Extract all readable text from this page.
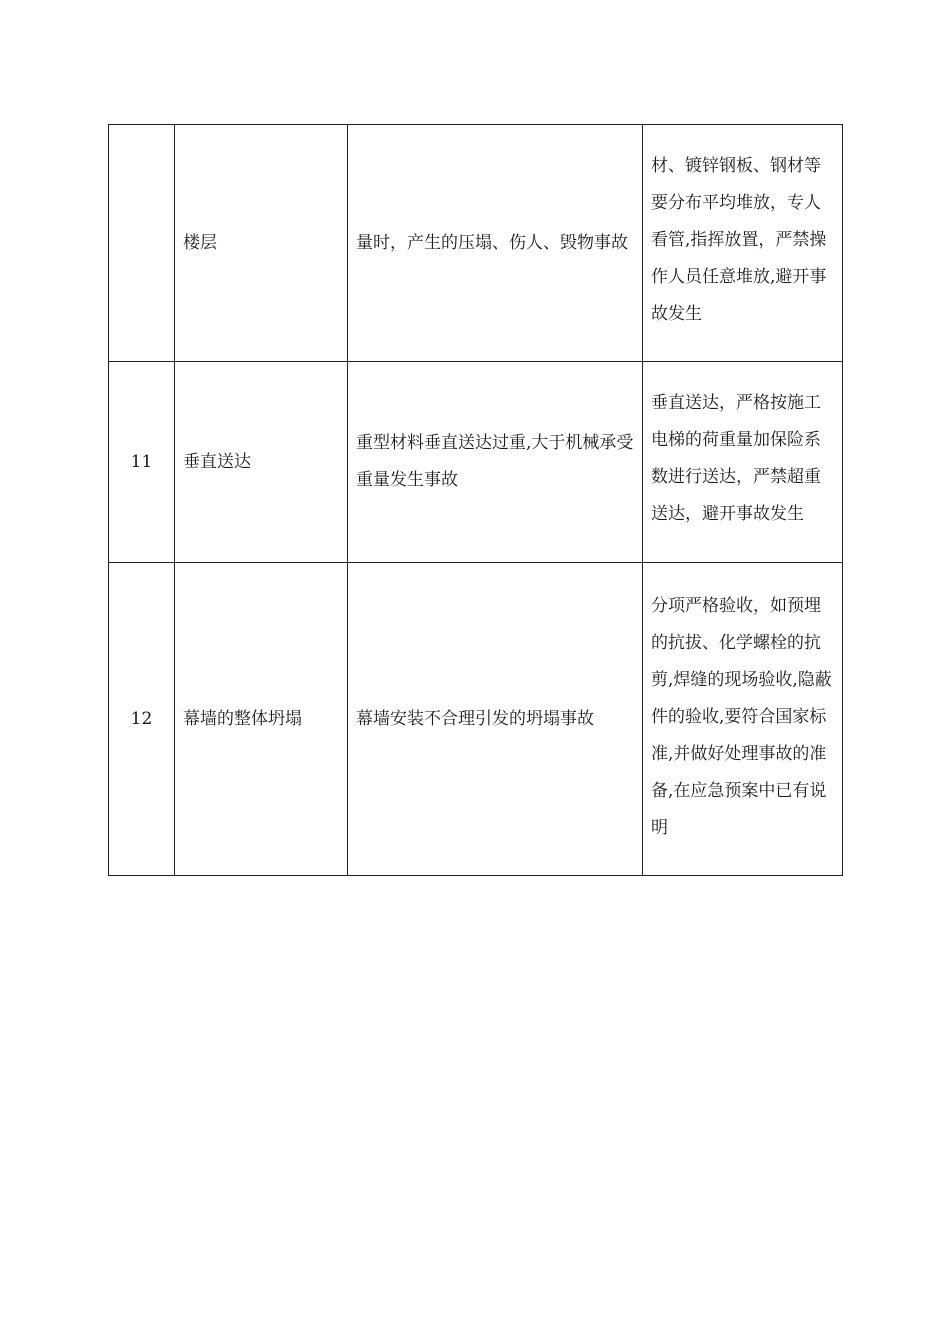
	楼层	量时，产生的压塌、伤人、毁物事故	材、镀锌钢板、钢材等要分布平均堆放，专人看管,指挥放置，严禁操作人员任意堆放,避开事故发生

11	垂直送达	重型材料垂直送达过重,大于机械承受重量发生事故	垂直送达，严格按施工电梯的荷重量加保险系数进行送达，严禁超重送达，避开事故发生

12	幕墙的整体坍塌	幕墙安装不合理引发的坍塌事故	分项严格验收，如预埋的抗拔、化学螺栓的抗剪,焊缝的现场验收,隐蔽件的验收,要符合国家标准,并做好处理事故的准备,在应急预案中已有说明
